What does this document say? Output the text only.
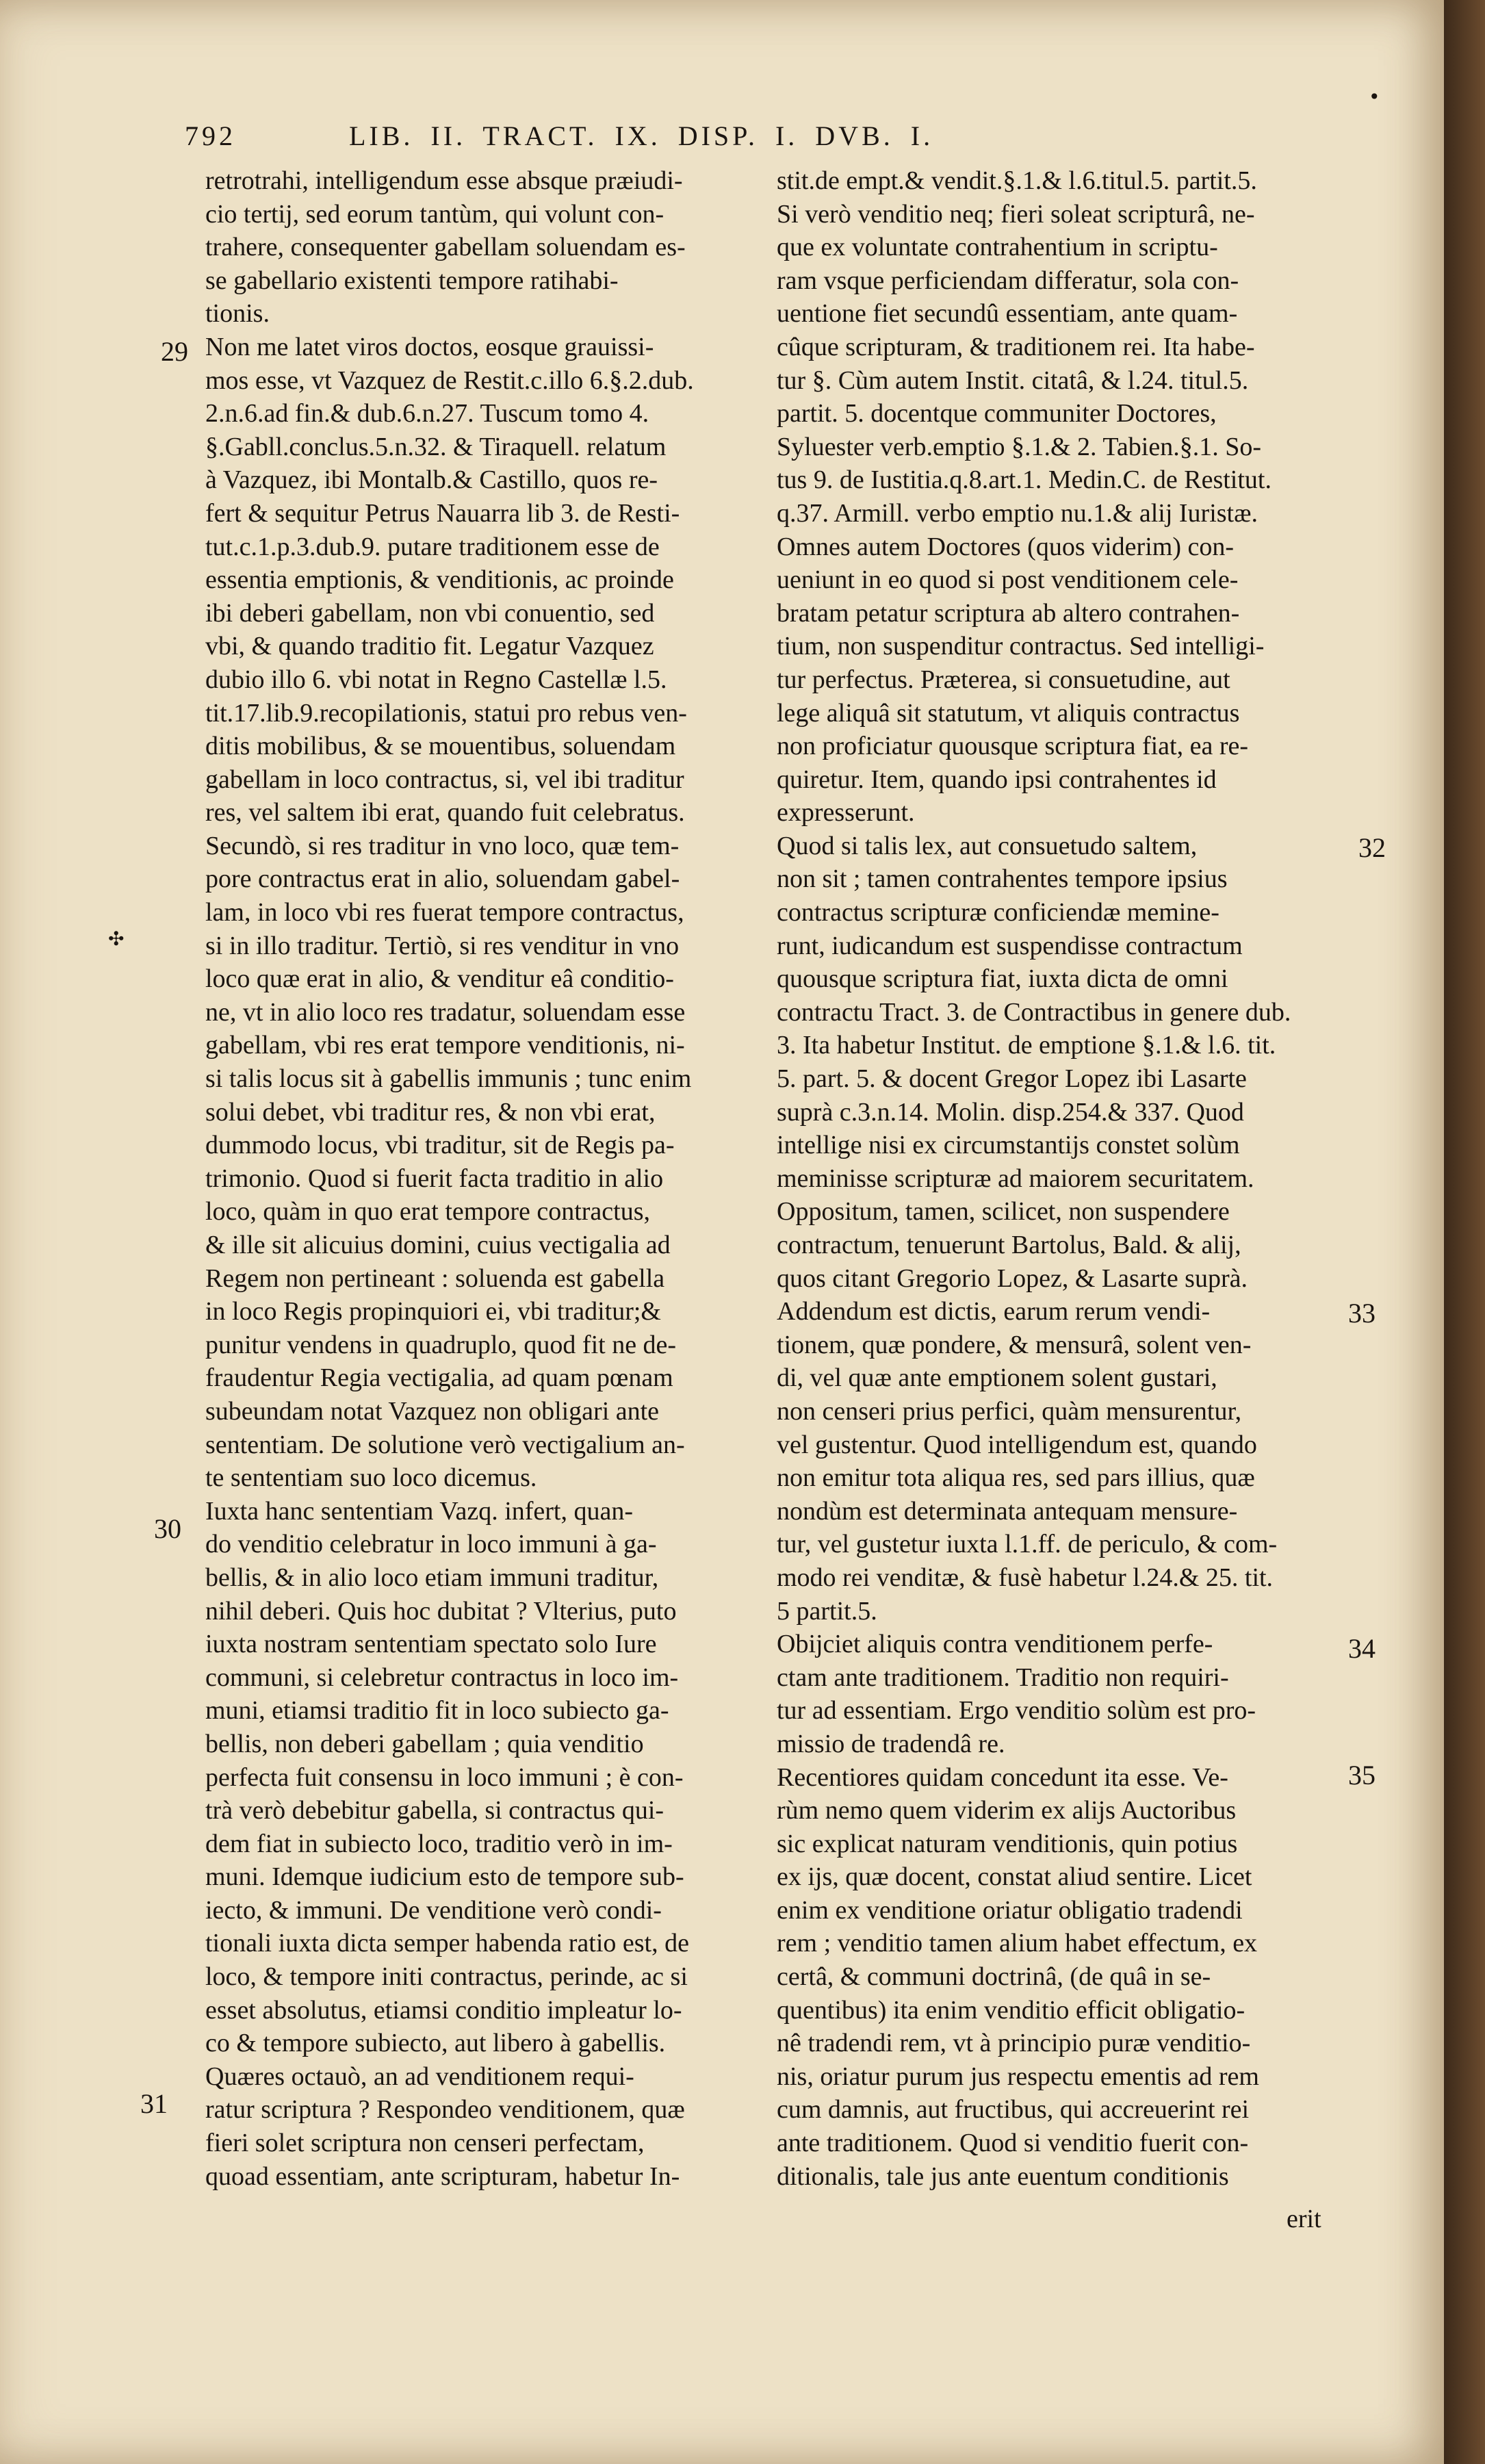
792	LIB. II. TRACT. IX. DISP. I. DVB. I.
retrotrahi, intelligendum esse absque præiudi-
cio tertij, sed eorum tantùm, qui volunt con-
trahere, consequenter gabellam soluendam es-
se gabellario existenti tempore ratihabi-
tionis.
Non me latet viros doctos, eosque grauissi-
mos esse, vt Vazquez de Restit.c.illo 6.§.2.dub.
2.n.6.ad fin.& dub.6.n.27. Tuscum tomo 4.
§.Gabll.conclus.5.n.32. & Tiraquell. relatum
à Vazquez, ibi Montalb.& Castillo, quos re-
fert & sequitur Petrus Nauarra lib 3. de Resti-
tut.c.1.p.3.dub.9. putare traditionem esse de
essentia emptionis, & venditionis, ac proinde
ibi deberi gabellam, non vbi conuentio, sed
vbi, & quando traditio fit. Legatur Vazquez
dubio illo 6. vbi notat in Regno Castellæ l.5.
tit.17.lib.9.recopilationis, statui pro rebus ven-
ditis mobilibus, & se mouentibus, soluendam
gabellam in loco contractus, si, vel ibi traditur
res, vel saltem ibi erat, quando fuit celebratus.
Secundò, si res traditur in vno loco, quæ tem-
pore contractus erat in alio, soluendam gabel-
lam, in loco vbi res fuerat tempore contractus,
si in illo traditur. Tertiò, si res venditur in vno
loco quæ erat in alio, & venditur eâ conditio-
ne, vt in alio loco res tradatur, soluendam esse
gabellam, vbi res erat tempore venditionis, ni-
si talis locus sit à gabellis immunis ; tunc enim
solui debet, vbi traditur res, & non vbi erat,
dummodo locus, vbi traditur, sit de Regis pa-
trimonio. Quod si fuerit facta traditio in alio
loco, quàm in quo erat tempore contractus,
& ille sit alicuius domini, cuius vectigalia ad
Regem non pertineant : soluenda est gabella
in loco Regis propinquiori ei, vbi traditur;&
punitur vendens in quadruplo, quod fit ne de-
fraudentur Regia vectigalia, ad quam pœnam
subeundam notat Vazquez non obligari ante
sententiam. De solutione verò vectigalium an-
te sententiam suo loco dicemus.
Iuxta hanc sententiam Vazq. infert, quan-
do venditio celebratur in loco immuni à ga-
bellis, & in alio loco etiam immuni traditur,
nihil deberi. Quis hoc dubitat ? Vlterius, puto
iuxta nostram sententiam spectato solo Iure
communi, si celebretur contractus in loco im-
muni, etiamsi traditio fit in loco subiecto ga-
bellis, non deberi gabellam ; quia venditio
perfecta fuit consensu in loco immuni ; è con-
trà verò debebitur gabella, si contractus qui-
dem fiat in subiecto loco, traditio verò in im-
muni. Idemque iudicium esto de tempore sub-
iecto, & immuni. De venditione verò condi-
tionali iuxta dicta semper habenda ratio est, de
loco, & tempore initi contractus, perinde, ac si
esset absolutus, etiamsi conditio impleatur lo-
co & tempore subiecto, aut libero à gabellis.
Quæres octauò, an ad venditionem requi-
ratur scriptura ? Respondeo venditionem, quæ
fieri solet scriptura non censeri perfectam,
quoad essentiam, ante scripturam, habetur In-
stit.de empt.& vendit.§.1.& l.6.titul.5. partit.5.
Si verò venditio neq; fieri soleat scripturâ, ne-
que ex voluntate contrahentium in scriptu-
ram vsque perficiendam differatur, sola con-
uentione fiet secundû essentiam, ante quam-
cûque scripturam, & traditionem rei. Ita habe-
tur §. Cùm autem Instit. citatâ, & l.24. titul.5.
partit. 5. docentque communiter Doctores,
Syluester verb.emptio §.1.& 2. Tabien.§.1. So-
tus 9. de Iustitia.q.8.art.1. Medin.C. de Restitut.
q.37. Armill. verbo emptio nu.1.& alij Iuristæ.
Omnes autem Doctores (quos viderim) con-
ueniunt in eo quod si post venditionem cele-
bratam petatur scriptura ab altero contrahen-
tium, non suspenditur contractus. Sed intelligi-
tur perfectus. Præterea, si consuetudine, aut
lege aliquâ sit statutum, vt aliquis contractus
non proficiatur quousque scriptura fiat, ea re-
quiretur. Item, quando ipsi contrahentes id
expresserunt.
Quod si talis lex, aut consuetudo saltem,
non sit ; tamen contrahentes tempore ipsius
contractus scripturæ conficiendæ memine-
runt, iudicandum est suspendisse contractum
quousque scriptura fiat, iuxta dicta de omni
contractu Tract. 3. de Contractibus in genere dub.
3. Ita habetur Institut. de emptione §.1.& l.6. tit.
5. part. 5. & docent Gregor Lopez ibi Lasarte
suprà c.3.n.14. Molin. disp.254.& 337. Quod
intellige nisi ex circumstantijs constet solùm
meminisse scripturæ ad maiorem securitatem.
Oppositum, tamen, scilicet, non suspendere
contractum, tenuerunt Bartolus, Bald. & alij,
quos citant Gregorio Lopez, & Lasarte suprà.
Addendum est dictis, earum rerum vendi-
tionem, quæ pondere, & mensurâ, solent ven-
di, vel quæ ante emptionem solent gustari,
non censeri prius perfici, quàm mensurentur,
vel gustentur. Quod intelligendum est, quando
non emitur tota aliqua res, sed pars illius, quæ
nondùm est determinata antequam mensure-
tur, vel gustetur iuxta l.1.ff. de periculo, & com-
modo rei venditæ, & fusè habetur l.24.& 25. tit.
5 partit.5.
Obijciet aliquis contra venditionem perfe-
ctam ante traditionem. Traditio non requiri-
tur ad essentiam. Ergo venditio solùm est pro-
missio de tradendâ re.
Recentiores quidam concedunt ita esse. Ve-
rùm nemo quem viderim ex alijs Auctoribus
sic explicat naturam venditionis, quin potius
ex ijs, quæ docent, constat aliud sentire. Licet
enim ex venditione oriatur obligatio tradendi
rem ; venditio tamen alium habet effectum, ex
certâ, & communi doctrinâ, (de quâ in se-
quentibus) ita enim venditio efficit obligatio-
nê tradendi rem, vt à principio puræ venditio-
nis, oriatur purum jus respectu ementis ad rem
cum damnis, aut fructibus, qui accreuerint rei
ante traditionem. Quod si venditio fuerit con-
ditionalis, tale jus ante euentum conditionis
29
30
31
32
33
34
35
✣
•
erit
